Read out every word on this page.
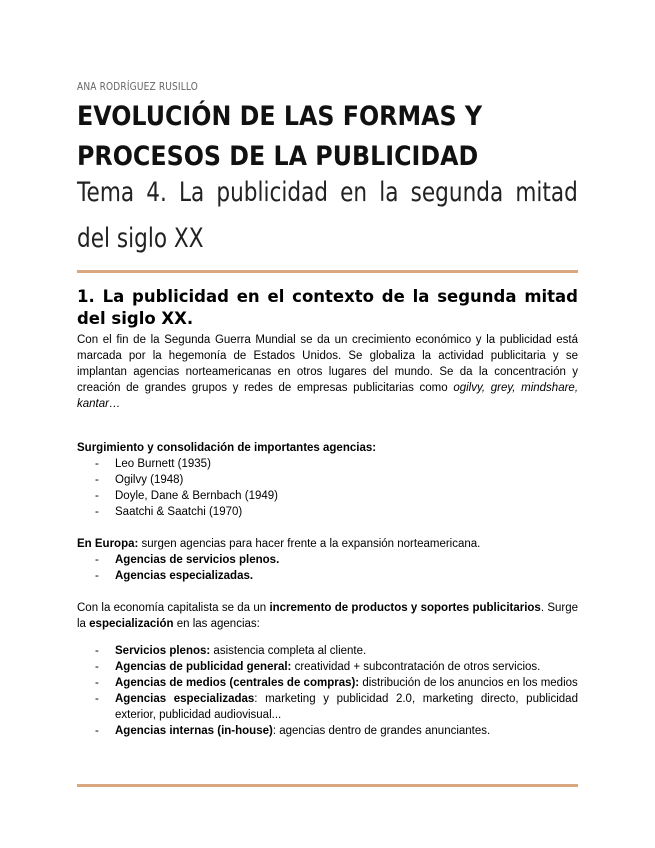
ANA RODRÍGUEZ RUSILLO
EVOLUCIÓN DE LAS FORMAS Y PROCESOS DE LA PUBLICIDAD
Tema 4. La publicidad en la segunda mitad del siglo XX
1. La publicidad en el contexto de la segunda mitad del siglo XX.

Con el fin de la Segunda Guerra Mundial se da un crecimiento económico y la publicidad está marcada por la hegemonía de Estados Unidos. Se globaliza la actividad publicitaria y se implantan agencias norteamericanas en otros lugares del mundo. Se da la concentración y creación de grandes grupos y redes de empresas publicitarias como ogilvy, grey, mindshare, kantar…

Surgimiento y consolidación de importantes agencias:
- Leo Burnett (1935)
- Ogilvy (1948)
- Doyle, Dane & Bernbach (1949)
- Saatchi & Saatchi (1970)
En Europa: surgen agencias para hacer frente a la expansión norteamericana.
- Agencias de servicios plenos.
- Agencias especializadas.

Con la economía capitalista se da un incremento de productos y soportes publicitarios. Surge la especialización en las agencias:

- Servicios plenos: asistencia completa al cliente.
- Agencias de publicidad general: creatividad + subcontratación de otros servicios.
- Agencias de medios (centrales de compras): distribución de los anuncios en los medios
- Agencias especializadas: marketing y publicidad 2.0, marketing directo, publicidad exterior, publicidad audiovisual...
- Agencias internas (in-house): agencias dentro de grandes anunciantes.
